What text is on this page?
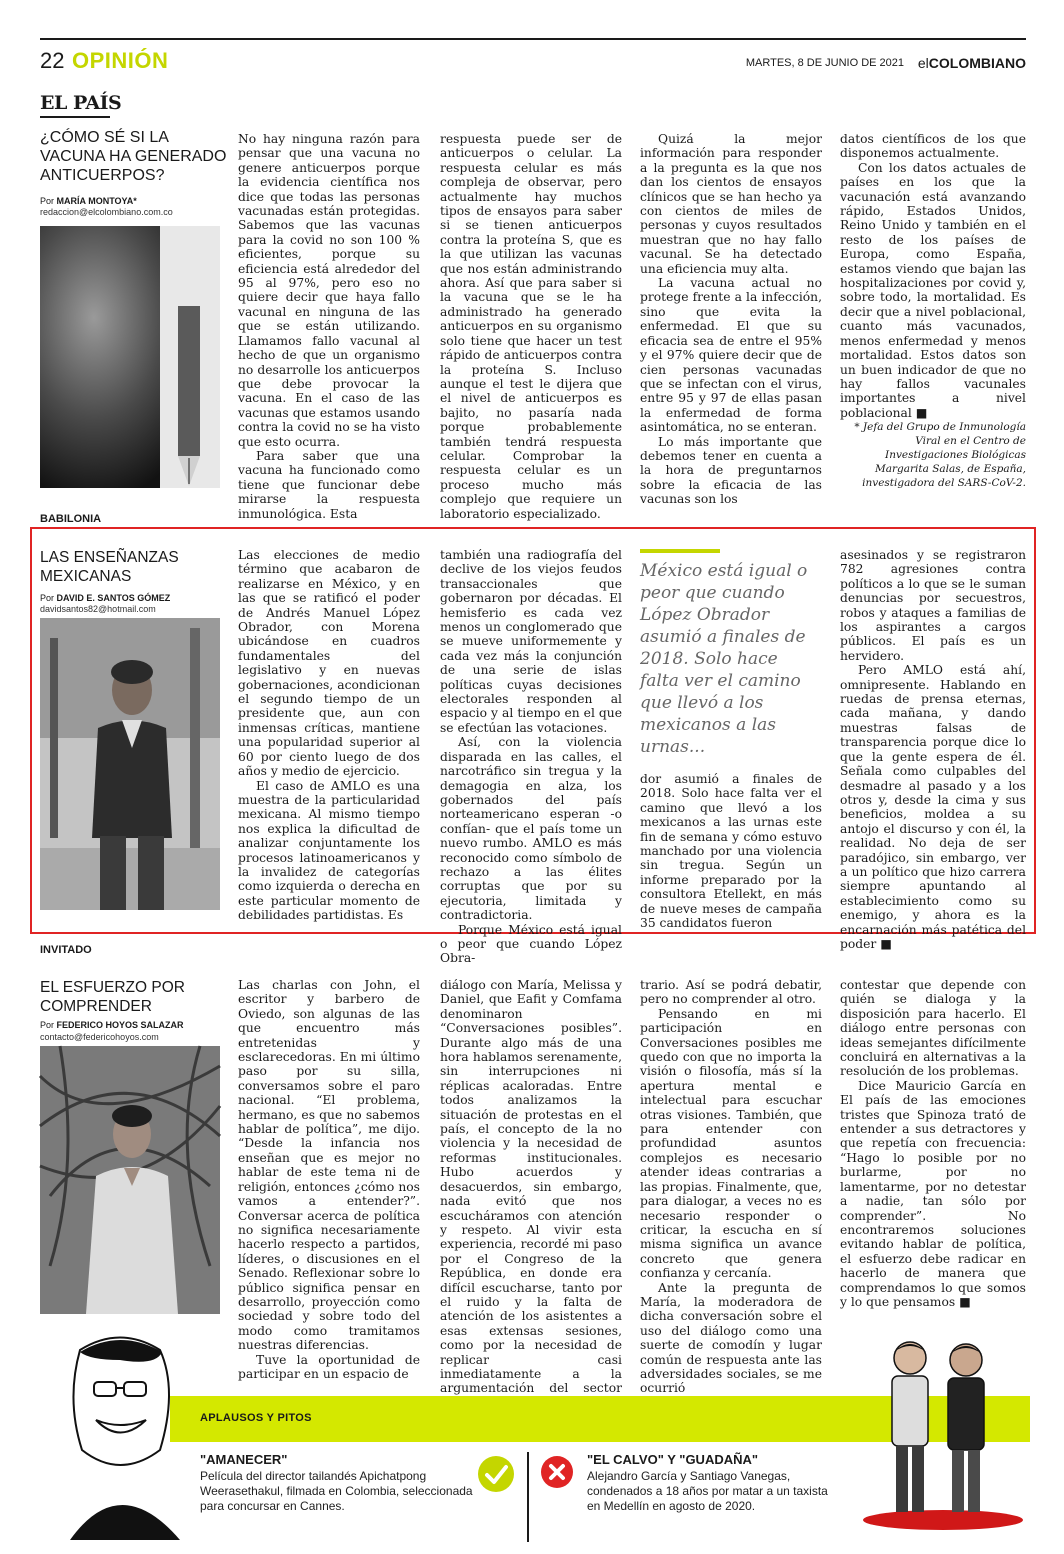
22 OPINIÓN	MARTES, 8 DE JUNIO DE 2021 elCOLOMBIANO
EL PAÍS
¿CÓMO SÉ SI LA VACUNA HA GENERADO ANTICUERPOS?
Por MARÍA MONTOYA*
redaccion@elcolombiano.com.co

No hay ninguna razón para pensar que una vacuna no genere anticuerpos porque la evidencia científica nos dice que todas las personas vacunadas están protegidas. Sabemos que las vacunas para la covid no son 100 % eficientes, porque su eficiencia está alrededor del 95 al 97%, pero eso no quiere decir que haya fallo vacunal en ninguna de las que se están utilizando. Llamamos fallo vacunal al hecho de que un organismo no desarrolle los anticuerpos que debe provocar la vacuna. En el caso de las vacunas que estamos usando contra la covid no se ha visto que esto ocurra.

Para saber que una vacuna ha funcionado como tiene que funcionar debe mirarse la respuesta inmunológica. Esta

respuesta puede ser de anticuerpos o celular. La respuesta celular es más compleja de observar, pero actualmente hay muchos tipos de ensayos para saber si se tienen anticuerpos contra la proteína S, que es la que utilizan las vacunas que nos están administrando ahora. Así que para saber si la vacuna que se le ha administrado ha generado anticuerpos en su organismo solo tiene que hacer un test rápido de anticuerpos contra la proteína S. Incluso aunque el test le dijera que el nivel de anticuerpos es bajito, no pasaría nada porque probablemente también tendrá respuesta celular. Comprobar la respuesta celular es un proceso mucho más complejo que requiere un laboratorio especializado.

Quizá la mejor información para responder a la pregunta es la que nos dan los cientos de ensayos clínicos que se han hecho ya con cientos de miles de personas y cuyos resultados muestran que no hay fallo vacunal. Se ha detectado una eficiencia muy alta.

La vacuna actual no protege frente a la infección, sino que evita la enfermedad. El que su eficacia sea de entre el 95% y el 97% quiere decir que de cien personas vacunadas que se infectan con el virus, entre 95 y 97 de ellas pasan la enfermedad de forma asintomática, no se enteran.

Lo más importante que debemos tener en cuenta a la hora de preguntarnos sobre la eficacia de las vacunas son los

datos científicos de los que disponemos actualmente.

Con los datos actuales de países en los que la vacunación está avanzando rápido, Estados Unidos, Reino Unido y también en el resto de los países de Europa, como España, estamos viendo que bajan las hospitalizaciones por covid y, sobre todo, la mortalidad. Es decir que a nivel poblacional, cuanto más vacunados, menos enfermedad y menos mortalidad. Estos datos son un buen indicador de que no hay fallos vacunales importantes a nivel poblacional ■

* Jefa del Grupo de Inmunología Viral en el Centro de Investigaciones Biológicas Margarita Salas, de España, investigadora del SARS-CoV-2.
BABILONIA
LAS ENSEÑANZAS MEXICANAS
Por DAVID E. SANTOS GÓMEZ
davidsantos82@hotmail.com

Las elecciones de medio término que acabaron de realizarse en México, y en las que se ratificó el poder de Andrés Manuel López Obrador, con Morena ubicándose en cuadros fundamentales del legislativo y en nuevas gobernaciones, acondicionan el segundo tiempo de un presidente que, aun con inmensas críticas, mantiene una popularidad superior al 60 por ciento luego de dos años y medio de ejercicio.

El caso de AMLO es una muestra de la particularidad mexicana. Al mismo tiempo nos explica la dificultad de analizar conjuntamente los procesos latinoamericanos y la invalidez de categorías como izquierda o derecha en este particular momento de debilidades partidistas. Es

también una radiografía del declive de los viejos feudos transaccionales que gobernaron por décadas. El hemisferio es cada vez menos un conglomerado que se mueve uniformemente y cada vez más la conjunción de una serie de islas políticas cuyas decisiones electorales responden al espacio y al tiempo en el que se efectúan las votaciones.

Así, con la violencia disparada en las calles, el narcotráfico sin tregua y la demagogia en alza, los gobernados del país norteamericano esperan -o confían- que el país tome un nuevo rumbo. AMLO es más reconocido como símbolo de rechazo a las élites corruptas que por su ejecutoria, limitada y contradictoria.

Porque México está igual o peor que cuando López Obra-

México está igual o peor que cuando López Obrador asumió a finales de 2018. Solo hace falta ver el camino que llevó a los mexicanos a las urnas...

dor asumió a finales de 2018. Solo hace falta ver el camino que llevó a los mexicanos a las urnas este fin de semana y cómo estuvo manchado por una violencia sin tregua. Según un informe preparado por la consultora Etellekt, en más de nueve meses de campaña 35 candidatos fueron

asesinados y se registraron 782 agresiones contra políticos a lo que se le suman denuncias por secuestros, robos y ataques a familias de los aspirantes a cargos públicos. El país es un hervidero.

Pero AMLO está ahí, omnipresente. Hablando en ruedas de prensa eternas, cada mañana, y dando muestras falsas de transparencia porque dice lo que la gente espera de él. Señala como culpables del desmadre al pasado y a los otros y, desde la cima y sus beneficios, moldea a su antojo el discurso y con él, la realidad. No deja de ser paradójico, sin embargo, ver a un político que hizo carrera siempre apuntando al establecimiento como su enemigo, y ahora es la encarnación más patética del poder ■

INVITADO
EL ESFUERZO POR COMPRENDER
Por FEDERICO HOYOS SALAZAR
contacto@federicohoyos.com

Las charlas con John, el escritor y barbero de Oviedo, son algunas de las que encuentro más entretenidas y esclarecedoras. En mi último paso por su silla, conversamos sobre el paro nacional. “El problema, hermano, es que no sabemos hablar de política”, me dijo. “Desde la infancia nos enseñan que es mejor no hablar de este tema ni de religión, entonces ¿cómo nos vamos a entender?”. Conversar acerca de política no significa necesariamente hacerlo respecto a partidos, líderes, o discusiones en el Senado. Reflexionar sobre lo público significa pensar en desarrollo, proyección como sociedad y sobre todo del modo como tramitamos nuestras diferencias.

Tuve la oportunidad de participar en un espacio de

diálogo con María, Melissa y Daniel, que Eafit y Comfama denominaron “Conversaciones posibles”. Durante algo más de una hora hablamos serenamente, sin interrupciones ni réplicas acaloradas. Entre todos analizamos la situación de protestas en el país, el concepto de la no violencia y la necesidad de reformas institucionales. Hubo acuerdos y desacuerdos, sin embargo, nada evitó que nos escucháramos con atención y respeto. Al vivir esta experiencia, recordé mi paso por el Congreso de la República, en donde era difícil escucharse, tanto por el ruido y la falta de atención de los asistentes a esas extensas sesiones, como por la necesidad de replicar casi inmediatamente a la argumentación del sector

trario. Así se podrá debatir, pero no comprender al otro.

Pensando en mi participación en Conversaciones posibles me quedo con que no importa la visión o filosofía, más sí la apertura mental e intelectual para escuchar otras visiones. También, que para entender con profundidad asuntos complejos es necesario atender ideas contrarias a las propias. Finalmente, que, para dialogar, a veces no es necesario responder o criticar, la escucha en sí misma significa un avance concreto que genera confianza y cercanía.

Ante la pregunta de María, la moderadora de dicha conversación sobre el uso del diálogo como una suerte de comodín y lugar común de respuesta ante las adversidades sociales, se me ocurrió

contestar que depende con quién se dialoga y la disposición para hacerlo. El diálogo entre personas con ideas semejantes difícilmente concluirá en alternativas a la resolución de los problemas.

Dice Mauricio García en El país de las emociones tristes que Spinoza trató de entender a sus detractores y que repetía con frecuencia: “Hago lo posible por no burlarme, por no lamentarme, por no detestar a nadie, tan sólo por comprender”. No encontraremos soluciones evitando hablar de política, el esfuerzo debe radicar en hacerlo de manera que comprendamos lo que somos y lo que pensamos ■

APLAUSOS Y PITOS
"AMANECER"
Película del director tailandés Apichatpong Weerasethakul, filmada en Colombia, seleccionada para concursar en Cannes.
"EL CALVO" Y "GUADAÑA"
Alejandro García y Santiago Vanegas, condenados a 18 años por matar a un taxista en Medellín en agosto de 2020.
